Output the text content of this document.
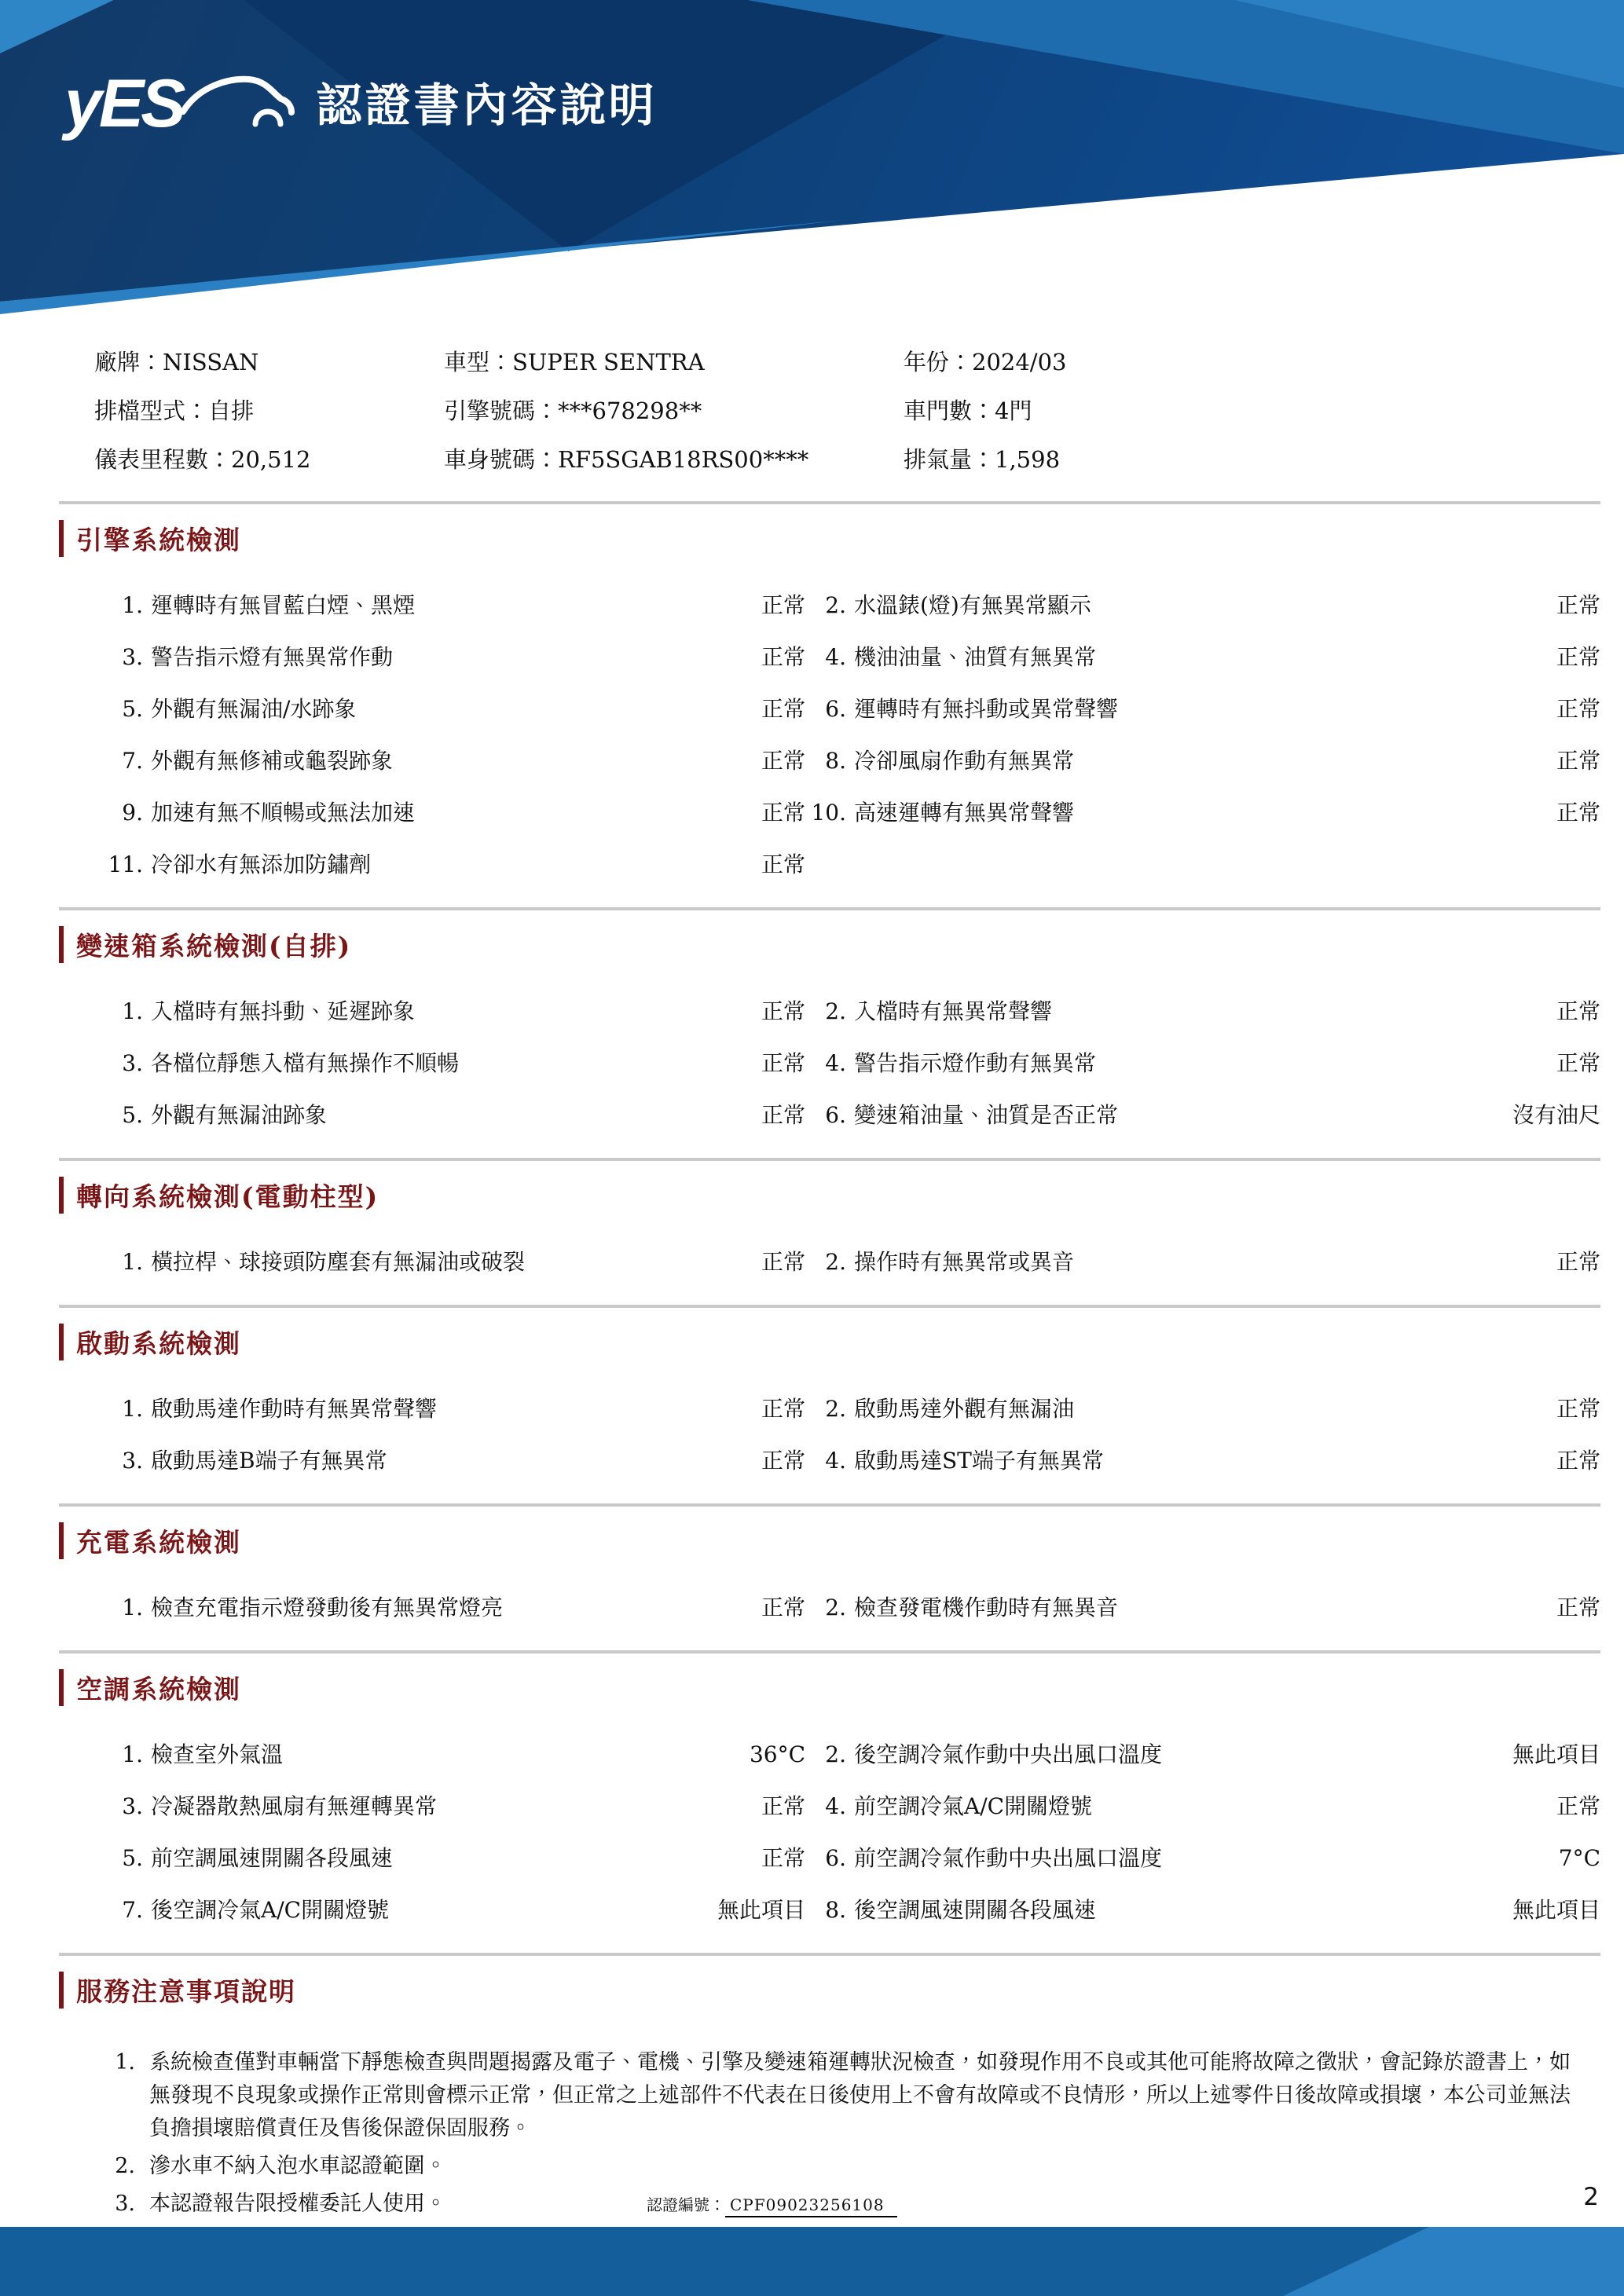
yES	認證書內容說明
廠牌：NISSAN	車型：SUPER SENTRA	年份：2024/03
排檔型式：自排	引擎號碼：***678298**	車門數：4門
儀表里程數：20,512	車身號碼：RF5SGAB18RS00****	排氣量：1,598
引擎系統檢測
1. 運轉時有無冒藍白煙、黑煙	正常 2. 水溫錶(燈)有無異常顯示	正常
3. 警告指示燈有無異常作動	正常 4. 機油油量、油質有無異常	正常
5. 外觀有無漏油/水跡象	正常 6. 運轉時有無抖動或異常聲響	正常
7. 外觀有無修補或龜裂跡象	正常 8. 冷卻風扇作動有無異常	正常
9. 加速有無不順暢或無法加速	正常 10. 高速運轉有無異常聲響	正常
11. 冷卻水有無添加防鏽劑	正常
變速箱系統檢測(自排)
1. 入檔時有無抖動、延遲跡象	正常 2. 入檔時有無異常聲響	正常
3. 各檔位靜態入檔有無操作不順暢	正常 4. 警告指示燈作動有無異常	正常
5. 外觀有無漏油跡象	正常 6. 變速箱油量、油質是否正常	沒有油尺
轉向系統檢測(電動柱型)
1. 橫拉桿、球接頭防塵套有無漏油或破裂	正常 2. 操作時有無異常或異音	正常
啟動系統檢測
1. 啟動馬達作動時有無異常聲響	正常 2. 啟動馬達外觀有無漏油	正常
3. 啟動馬達B端子有無異常	正常 4. 啟動馬達ST端子有無異常	正常
充電系統檢測
1. 檢查充電指示燈發動後有無異常燈亮	正常 2. 檢查發電機作動時有無異音	正常
空調系統檢測
1. 檢查室外氣溫	36°C 2. 後空調冷氣作動中央出風口溫度	無此項目
3. 冷凝器散熱風扇有無運轉異常	正常 4. 前空調冷氣A/C開關燈號	正常
5. 前空調風速開關各段風速	正常 6. 前空調冷氣作動中央出風口溫度	7°C
7. 後空調冷氣A/C開關燈號	無此項目 8. 後空調風速開關各段風速	無此項目
服務注意事項說明
1. 系統檢查僅對車輛當下靜態檢查與問題揭露及電子、電機、引擎及變速箱運轉狀況檢查，如發現作用不良或其他可能將故障之徵狀，會記錄於證書上，如無發現不良現象或操作正常則會標示正常，但正常之上述部件不代表在日後使用上不會有故障或不良情形，所以上述零件日後故障或損壞，本公司並無法負擔損壞賠償責任及售後保證保固服務。
2. 滲水車不納入泡水車認證範圍。
3. 本認證報告限授權委託人使用。	認證編號： CPF09023256108	2
